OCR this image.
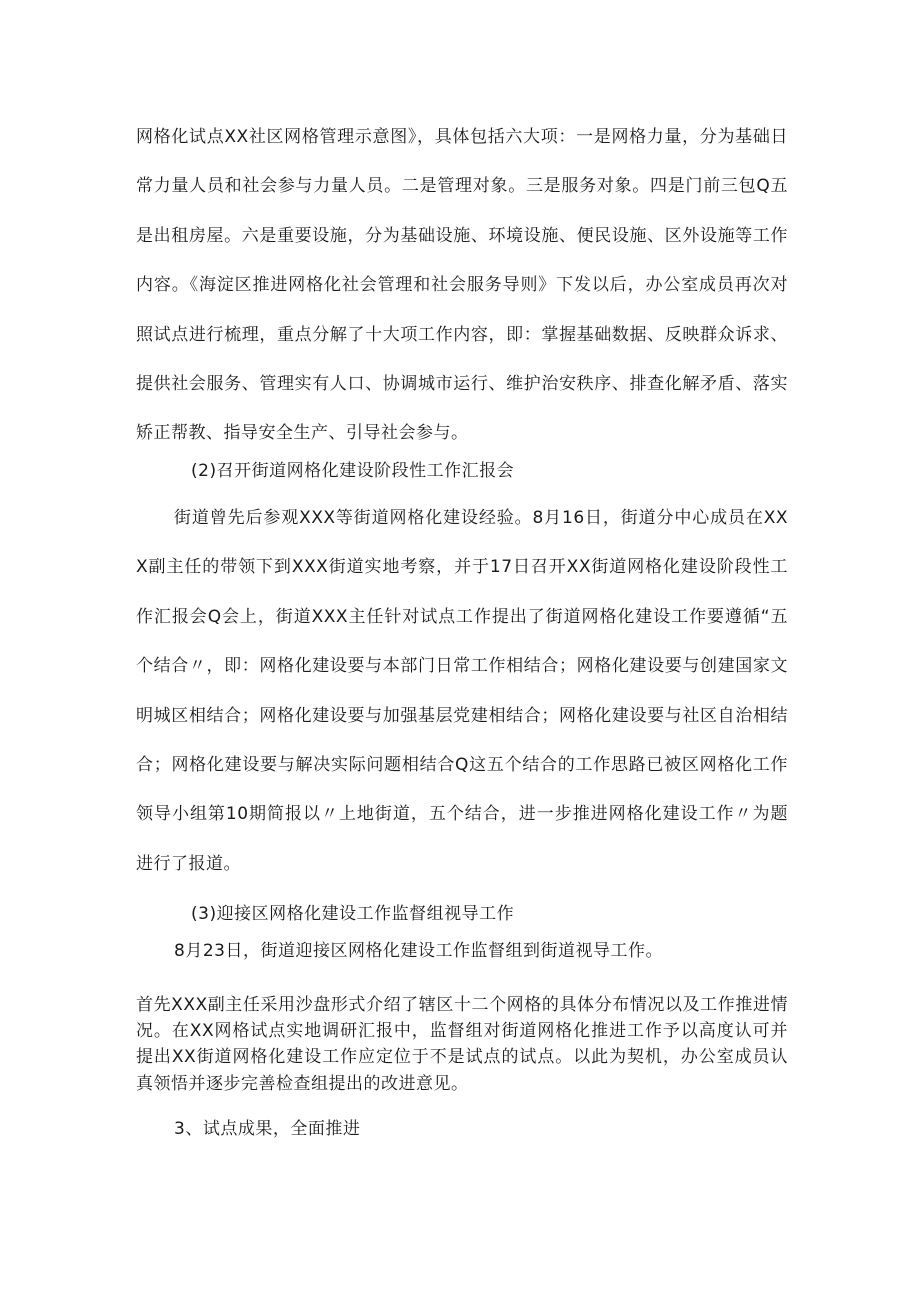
网格化试点XX社区网格管理示意图》，具体包括六大项：一是网格力量，分为基础日常力量人员和社会参与力量人员。二是管理对象。三是服务对象。四是门前三包Q五是出租房屋。六是重要设施，分为基础设施、环境设施、便民设施、区外设施等工作内容。《海淀区推进网格化社会管理和社会服务导则》下发以后，办公室成员再次对照试点进行梳理，重点分解了十大项工作内容，即：掌握基础数据、反映群众诉求、提供社会服务、管理实有人口、协调城市运行、维护治安秩序、排查化解矛盾、落实矫正帮教、指导安全生产、引导社会参与。

(2)召开街道网格化建设阶段性工作汇报会

街道曾先后参观XXX等街道网格化建设经验。8月16日，街道分中心成员在XXX副主任的带领下到XXX街道实地考察，并于17日召开XX街道网格化建设阶段性工作汇报会Q会上，街道XXX主任针对试点工作提出了街道网格化建设工作要遵循“五个结合〃，即：网格化建设要与本部门日常工作相结合；网格化建设要与创建国家文明城区相结合；网格化建设要与加强基层党建相结合；网格化建设要与社区自治相结合；网格化建设要与解决实际问题相结合Q这五个结合的工作思路已被区网格化工作领导小组第10期简报以〃上地街道，五个结合，进一步推进网格化建设工作〃为题进行了报道。

(3)迎接区网格化建设工作监督组视导工作

8月23日，街道迎接区网格化建设工作监督组到街道视导工作。

首先XXX副主任采用沙盘形式介绍了辖区十二个网格的具体分布情况以及工作推进情况。在XX网格试点实地调研汇报中，监督组对街道网格化推进工作予以高度认可并提出XX街道网格化建设工作应定位于不是试点的试点。以此为契机，办公室成员认真领悟并逐步完善检查组提出的改进意见。

3、试点成果，全面推进
